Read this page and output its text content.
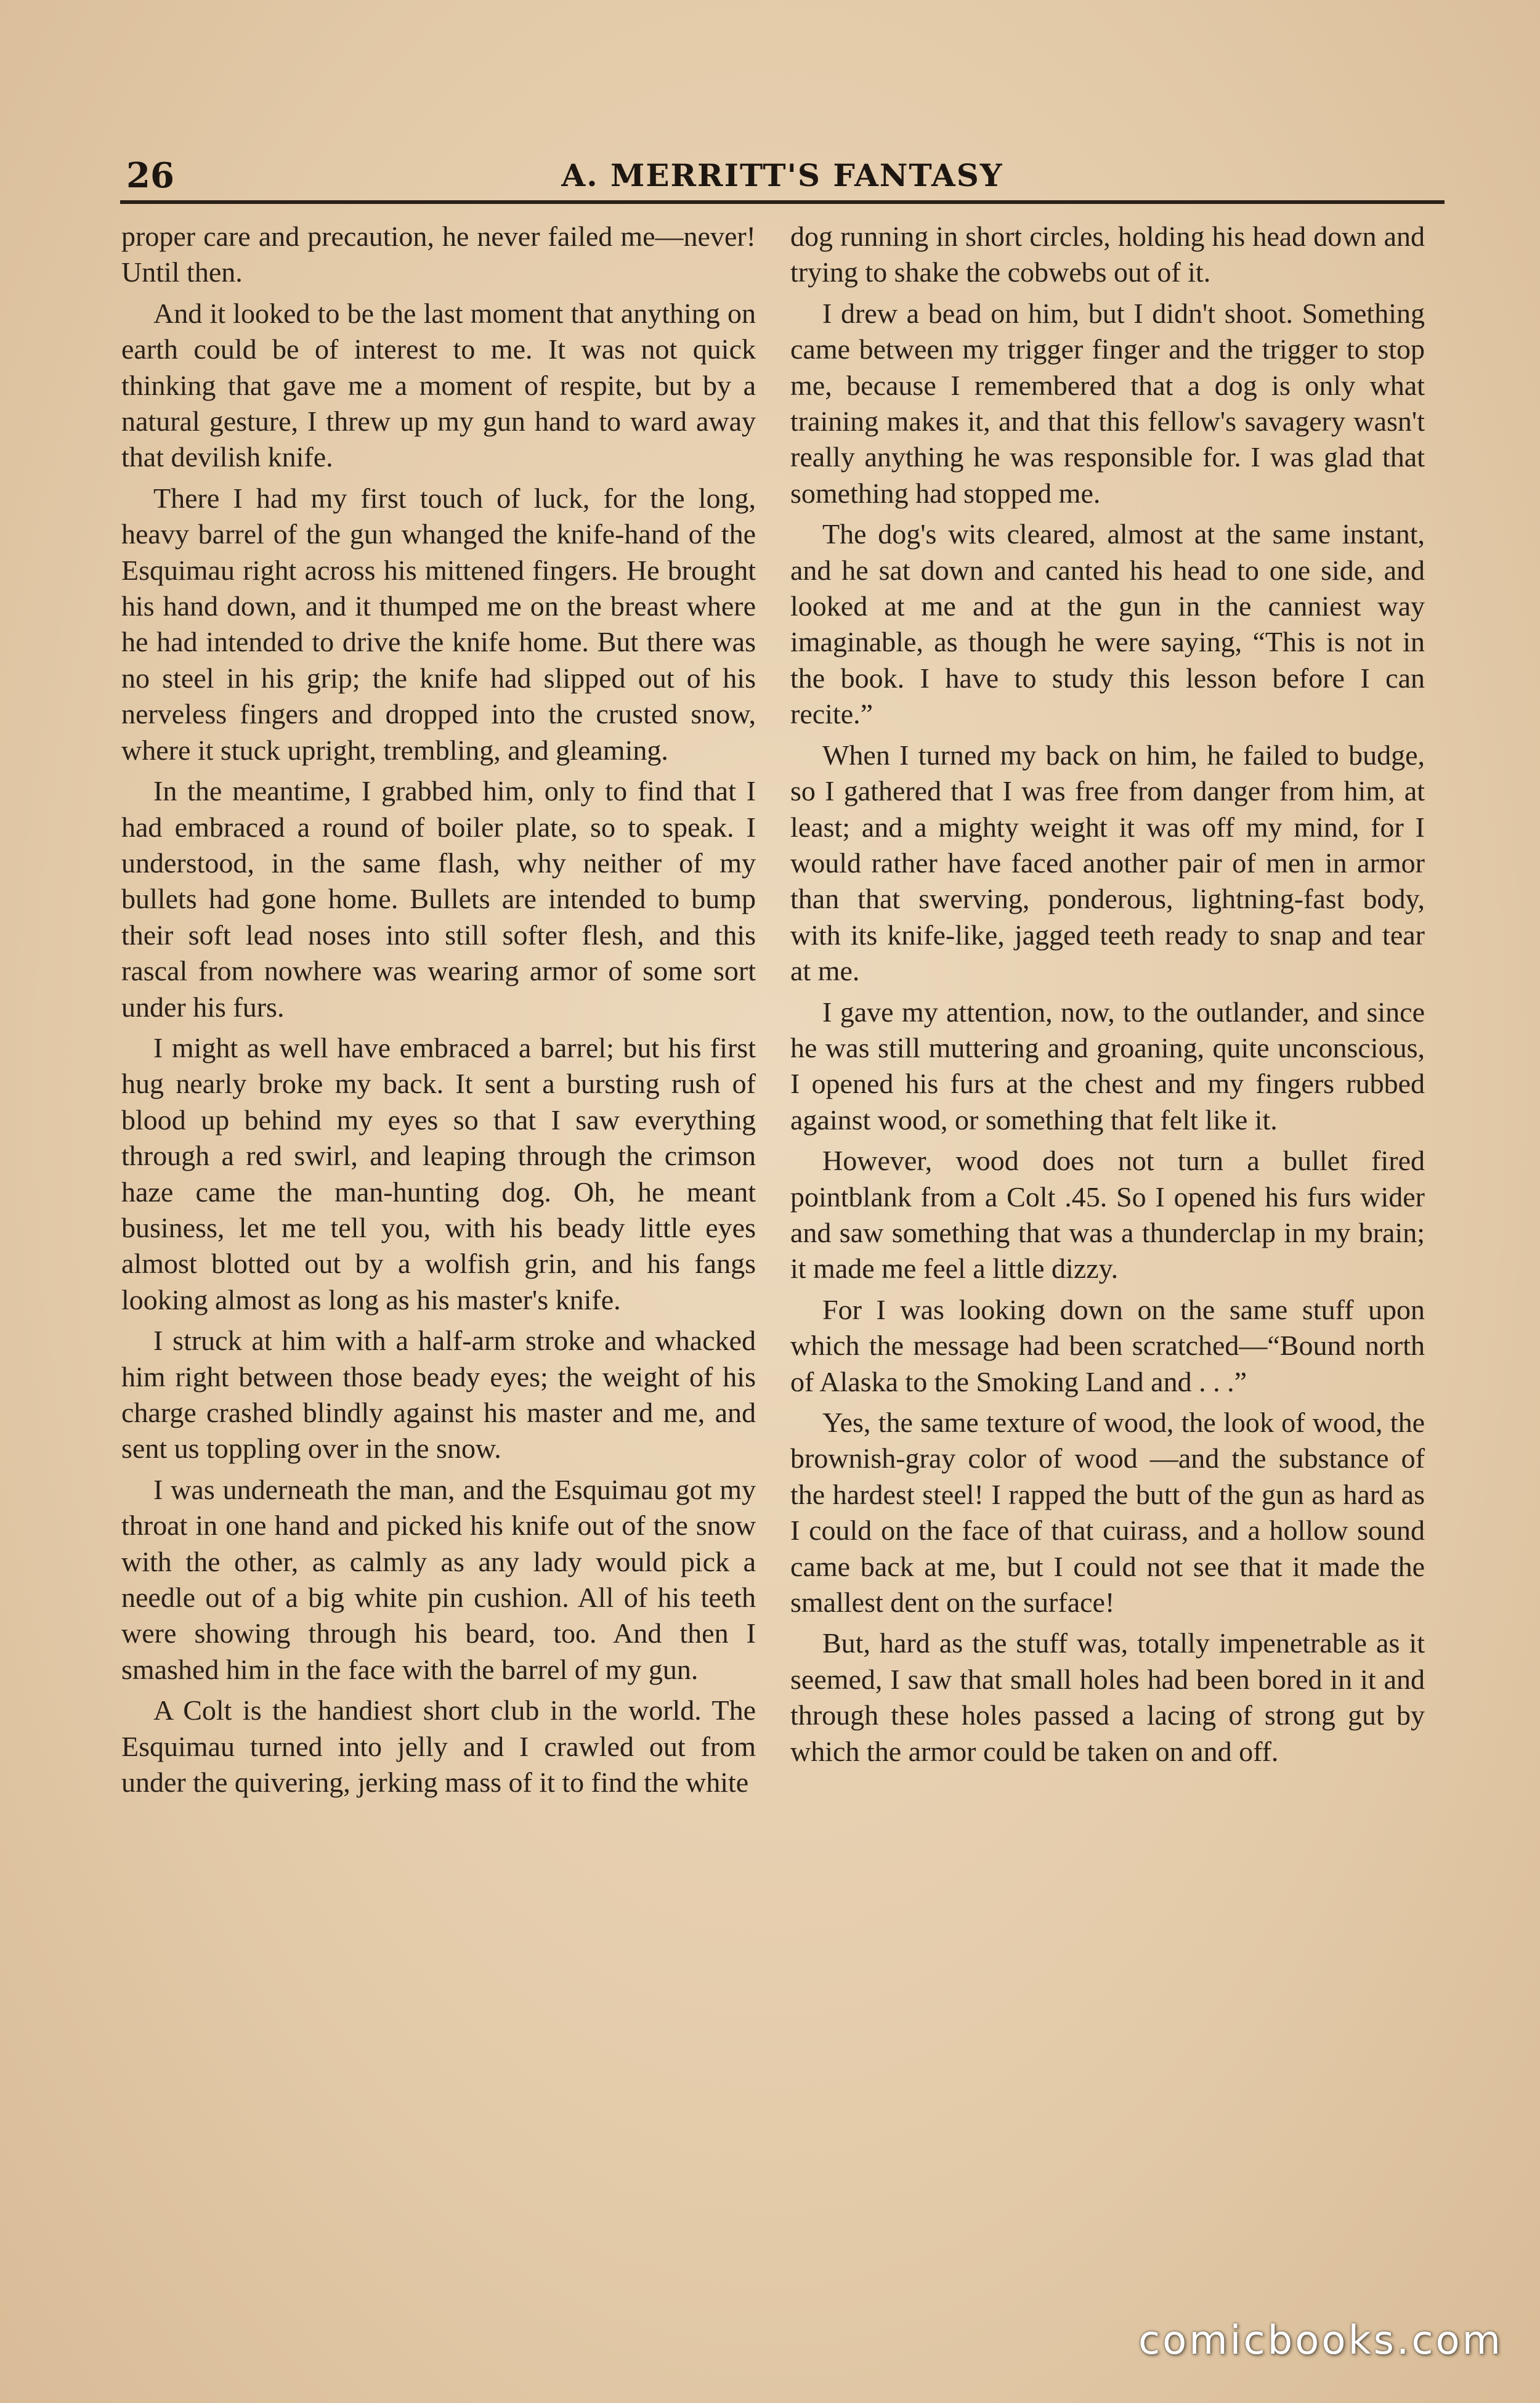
26	A. MERRITT'S FANTASY

proper care and precaution, he never failed me—never! Until then.

And it looked to be the last moment that anything on earth could be of interest to me. It was not quick thinking that gave me a moment of respite, but by a natural gesture, I threw up my gun hand to ward away that devilish knife.

There I had my first touch of luck, for the long, heavy barrel of the gun whanged the knife-hand of the Esquimau right across his mittened fingers. He brought his hand down, and it thumped me on the breast where he had intended to drive the knife home. But there was no steel in his grip; the knife had slipped out of his nerveless fingers and dropped into the crusted snow, where it stuck upright, trembling, and gleaming.

In the meantime, I grabbed him, only to find that I had embraced a round of boiler plate, so to speak. I understood, in the same flash, why neither of my bullets had gone home. Bullets are intended to bump their soft lead noses into still softer flesh, and this rascal from nowhere was wearing armor of some sort under his furs.

I might as well have embraced a barrel; but his first hug nearly broke my back. It sent a bursting rush of blood up behind my eyes so that I saw everything through a red swirl, and leaping through the crimson haze came the man-hunting dog. Oh, he meant business, let me tell you, with his beady little eyes almost blotted out by a wolfish grin, and his fangs looking almost as long as his master's knife.

I struck at him with a half-arm stroke and whacked him right between those beady eyes; the weight of his charge crashed blindly against his master and me, and sent us toppling over in the snow.

I was underneath the man, and the Esquimau got my throat in one hand and picked his knife out of the snow with the other, as calmly as any lady would pick a needle out of a big white pin cushion. All of his teeth were showing through his beard, too. And then I smashed him in the face with the barrel of my gun.

A Colt is the handiest short club in the world. The Esquimau turned into jelly and I crawled out from under the quivering, jerking mass of it to find the white

dog running in short circles, holding his head down and trying to shake the cobwebs out of it.

I drew a bead on him, but I didn't shoot. Something came between my trigger finger and the trigger to stop me, because I remembered that a dog is only what training makes it, and that this fellow's savagery wasn't really anything he was responsible for. I was glad that something had stopped me.

The dog's wits cleared, almost at the same instant, and he sat down and canted his head to one side, and looked at me and at the gun in the canniest way imaginable, as though he were saying, “This is not in the book. I have to study this lesson before I can recite.”

When I turned my back on him, he failed to budge, so I gathered that I was free from danger from him, at least; and a mighty weight it was off my mind, for I would rather have faced another pair of men in armor than that swerving, ponderous, lightning-fast body, with its knife-like, jagged teeth ready to snap and tear at me.

I gave my attention, now, to the outlander, and since he was still muttering and groaning, quite unconscious, I opened his furs at the chest and my fingers rubbed against wood, or something that felt like it.

However, wood does not turn a bullet fired pointblank from a Colt .45. So I opened his furs wider and saw something that was a thunderclap in my brain; it made me feel a little dizzy.

For I was looking down on the same stuff upon which the message had been scratched—“Bound north of Alaska to the Smoking Land and . . .”

Yes, the same texture of wood, the look of wood, the brownish-gray color of wood —and the substance of the hardest steel! I rapped the butt of the gun as hard as I could on the face of that cuirass, and a hollow sound came back at me, but I could not see that it made the smallest dent on the surface!

But, hard as the stuff was, totally impenetrable as it seemed, I saw that small holes had been bored in it and through these holes passed a lacing of strong gut by which the armor could be taken on and off.

comicbooks.com
